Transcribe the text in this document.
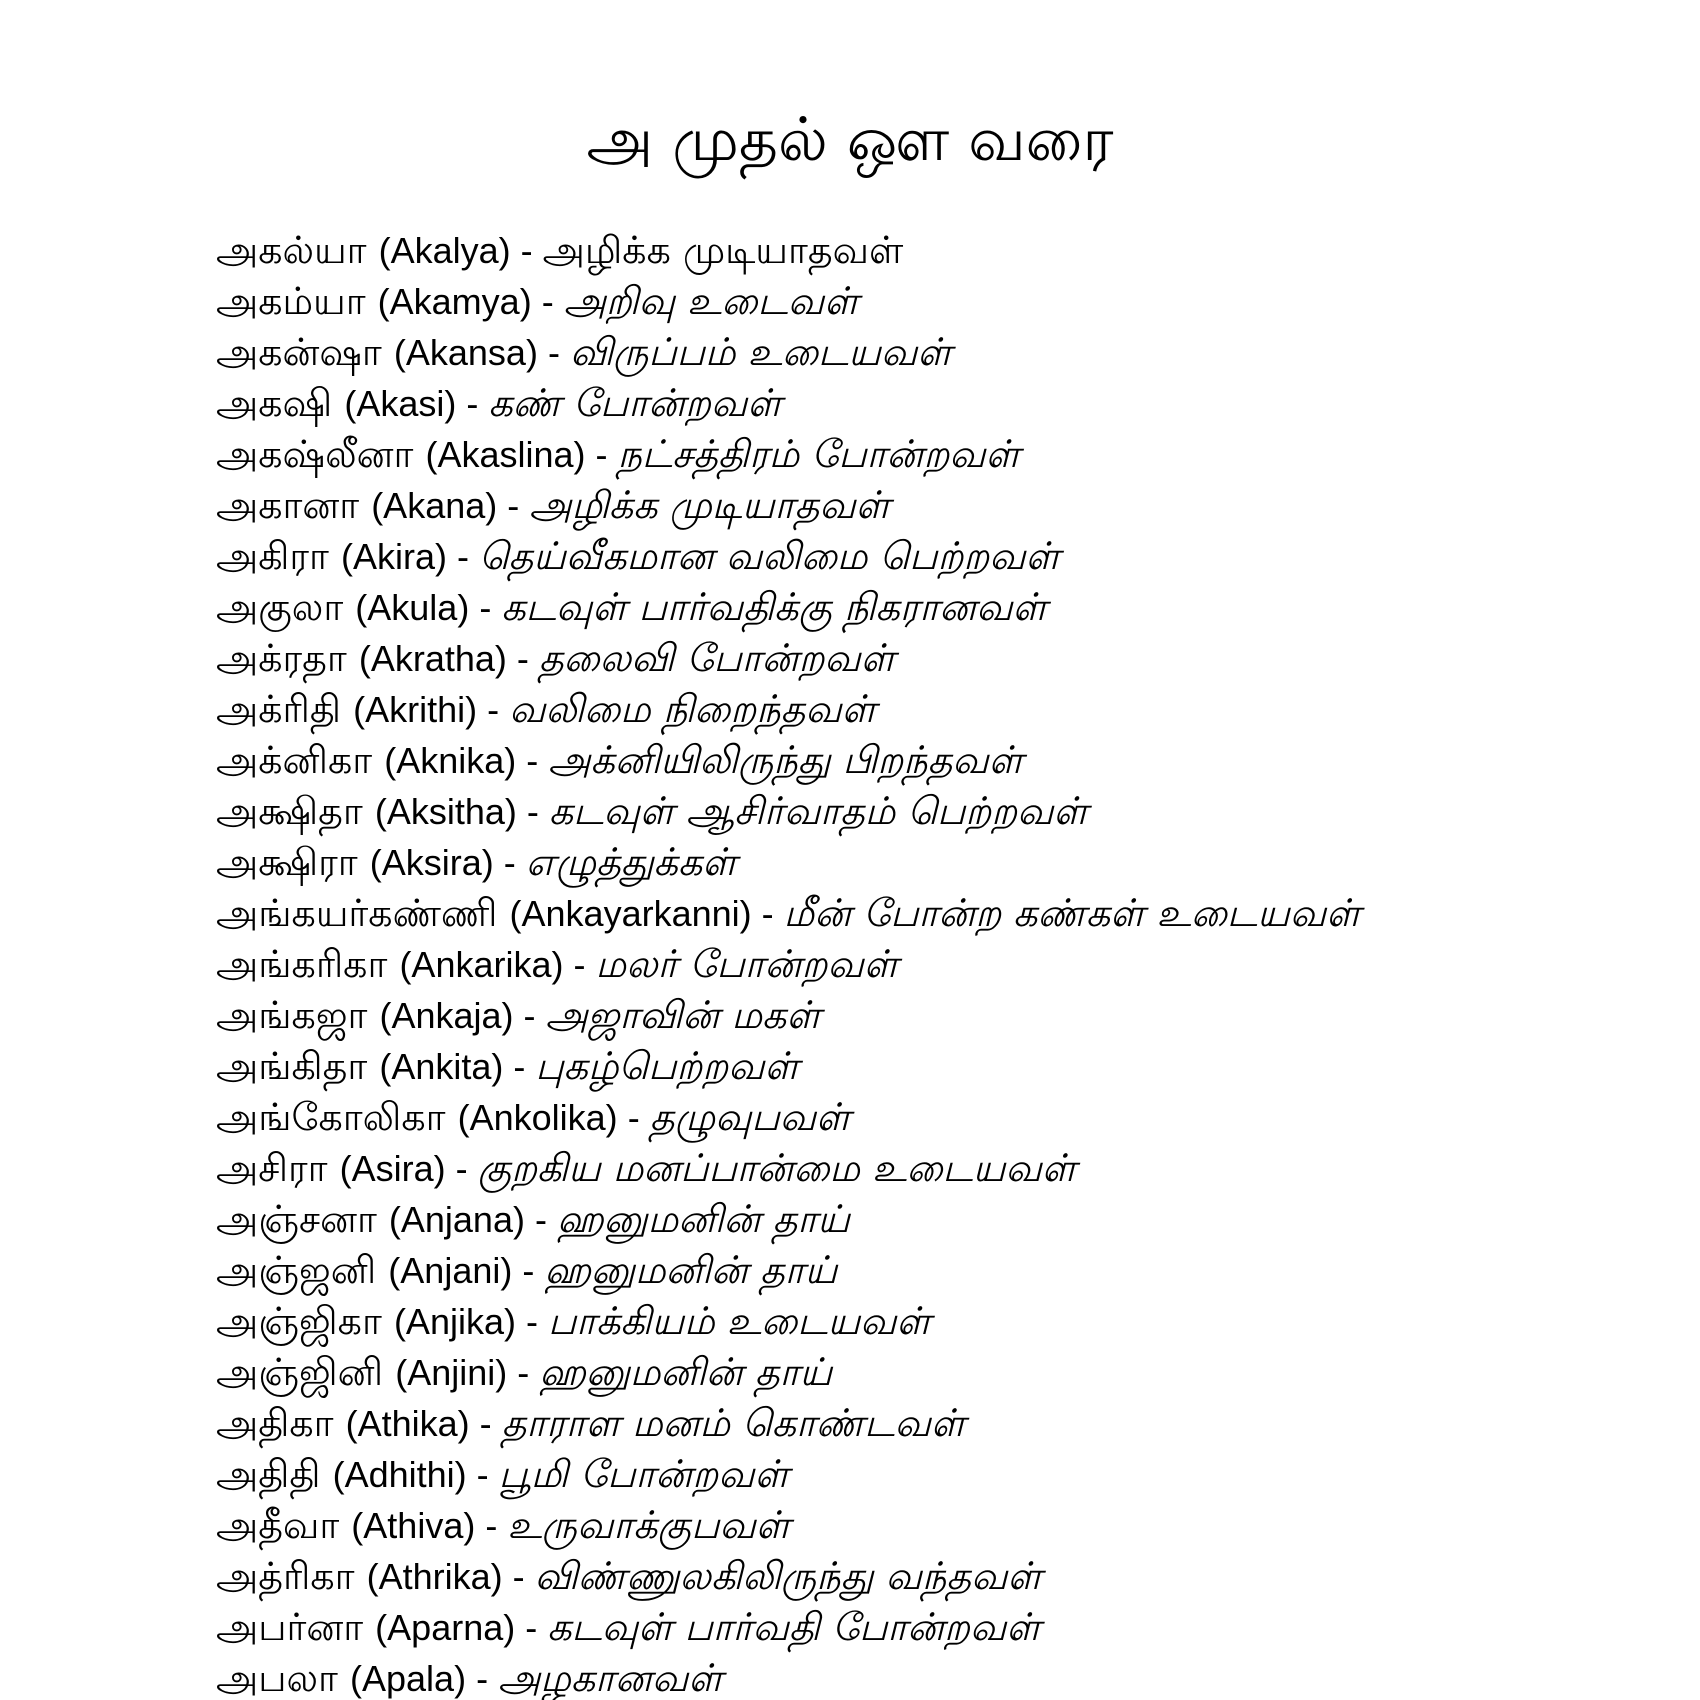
அ முதல் ஔ வரை
அகல்யா (Akalya) - அழிக்க முடியாதவள்
அகம்யா (Akamya) - அறிவு உடைவள்
அகன்ஷா (Akansa) - விருப்பம் உடையவள்
அகஷி (Akasi) - கண் போன்றவள்
அகஷ்லீனா (Akaslina) - நட்சத்திரம் போன்றவள்
அகானா (Akana) - அழிக்க முடியாதவள்
அகிரா (Akira) - தெய்வீகமான வலிமை பெற்றவள்
அகுலா (Akula) - கடவுள் பார்வதிக்கு நிகரானவள்
அக்ரதா (Akratha) - தலைவி போன்றவள்
அக்ரிதி (Akrithi) - வலிமை நிறைந்தவள்
அக்னிகா (Aknika) - அக்னியிலிருந்து பிறந்தவள்
அக்ஷிதா (Aksitha) - கடவுள் ஆசிர்வாதம் பெற்றவள்
அக்ஷிரா (Aksira) - எழுத்துக்கள்
அங்கயர்கண்ணி (Ankayarkanni) - மீன் போன்ற கண்கள் உடையவள்
அங்கரிகா (Ankarika) - மலர் போன்றவள்
அங்கஜா (Ankaja) - அஜாவின் மகள்
அங்கிதா (Ankita) - புகழ்பெற்றவள்
அங்கோலிகா (Ankolika) - தழுவுபவள்
அசிரா (Asira) - குறகிய மனப்பான்மை உடையவள்
அஞ்சனா (Anjana) - ஹனுமனின் தாய்
அஞ்ஜனி (Anjani) - ஹனுமனின் தாய்
அஞ்ஜிகா (Anjika) - பாக்கியம் உடையவள்
அஞ்ஜினி (Anjini) - ஹனுமனின் தாய்
அதிகா (Athika) - தாராள மனம் கொண்டவள்
அதிதி (Adhithi) - பூமி போன்றவள்
அதீவா (Athiva) - உருவாக்குபவள்
அத்ரிகா (Athrika) - விண்ணுலகிலிருந்து வந்தவள்
அபர்னா (Aparna) - கடவுள் பார்வதி போன்றவள்
அபலா (Apala) - அழகானவள்
